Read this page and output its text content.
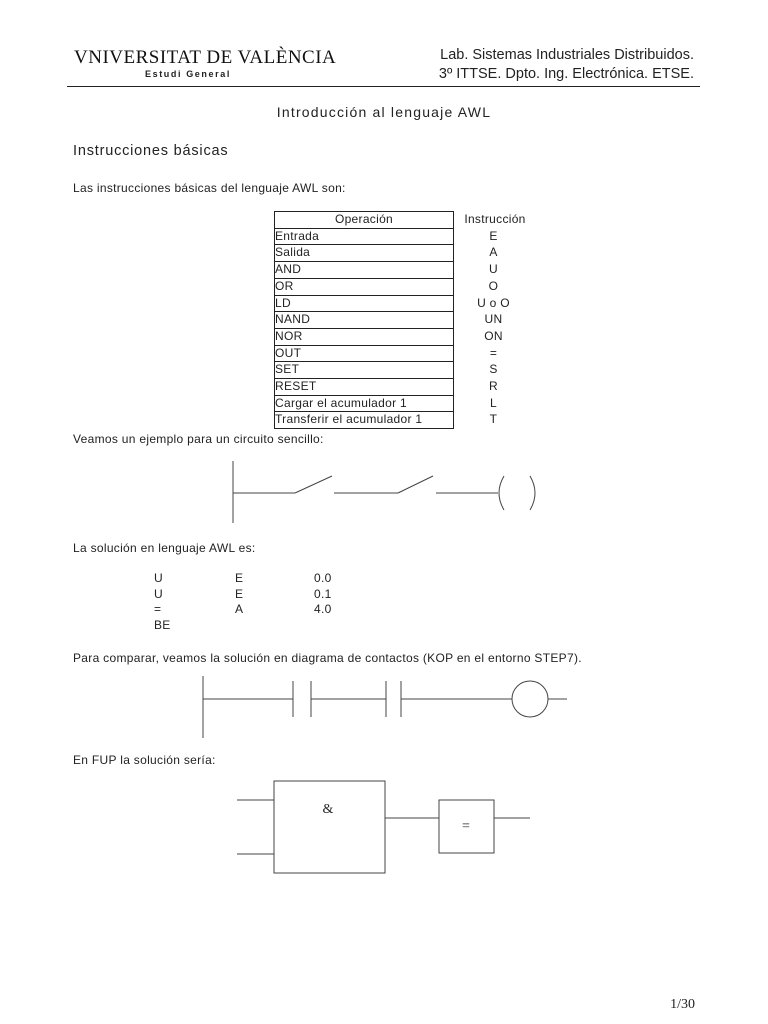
VNIVERSITAT DE VALÈNCIA
Estudi General
Lab. Sistemas Industriales Distribuidos.
3º ITTSE. Dpto. Ing. Electrónica. ETSE.
Introducción al lenguaje AWL
Instrucciones básicas
Las instrucciones básicas del lenguaje AWL son:
Operación	Instrucción
Entrada	E
Salida	A
AND	U
OR	O
LD	U o O
NAND	UN
NOR	ON
OUT	=
SET	S
RESET	R
Cargar el acumulador 1	L
Transferir el acumulador 1	T
Veamos un ejemplo para un circuito sencillo:
&
=
La solución en lenguaje AWL es:
U	E	0.0
U	E	0.1
=	A	4.0
BE
Para comparar, veamos la solución en diagrama de contactos (KOP en el entorno STEP7).
En FUP la solución sería:
1/30
